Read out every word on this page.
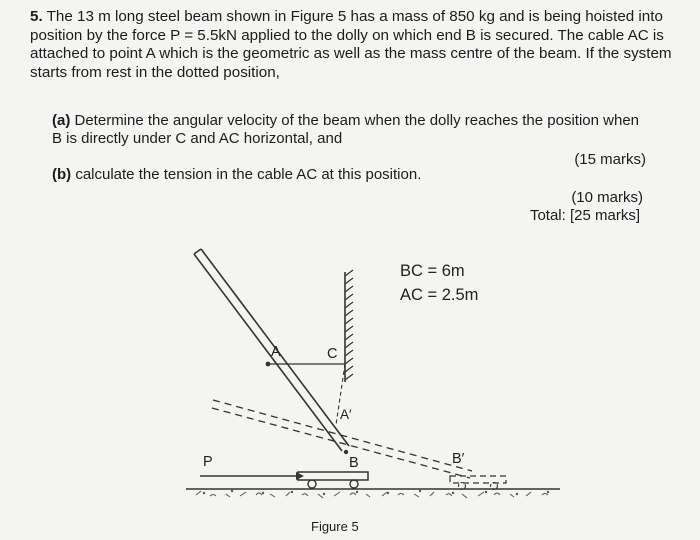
5. The 13 m long steel beam shown in Figure 5 has a mass of 850 kg and is being hoisted into position by the force P = 5.5kN applied to the dolly on which end B is secured. The cable AC is attached to point A which is the geometric as well as the mass centre of the beam. If the system starts from rest in the dotted position,
(a) Determine the angular velocity of the beam when the dolly reaches the position when B is directly under C and AC horizontal, and
(15 marks)
(b) calculate the tension in the cable AC at this position.
(10 marks)
Total: [25 marks]
BC = 6m
AC = 2.5m
A	C
A′
B	B′
P
Figure 5
